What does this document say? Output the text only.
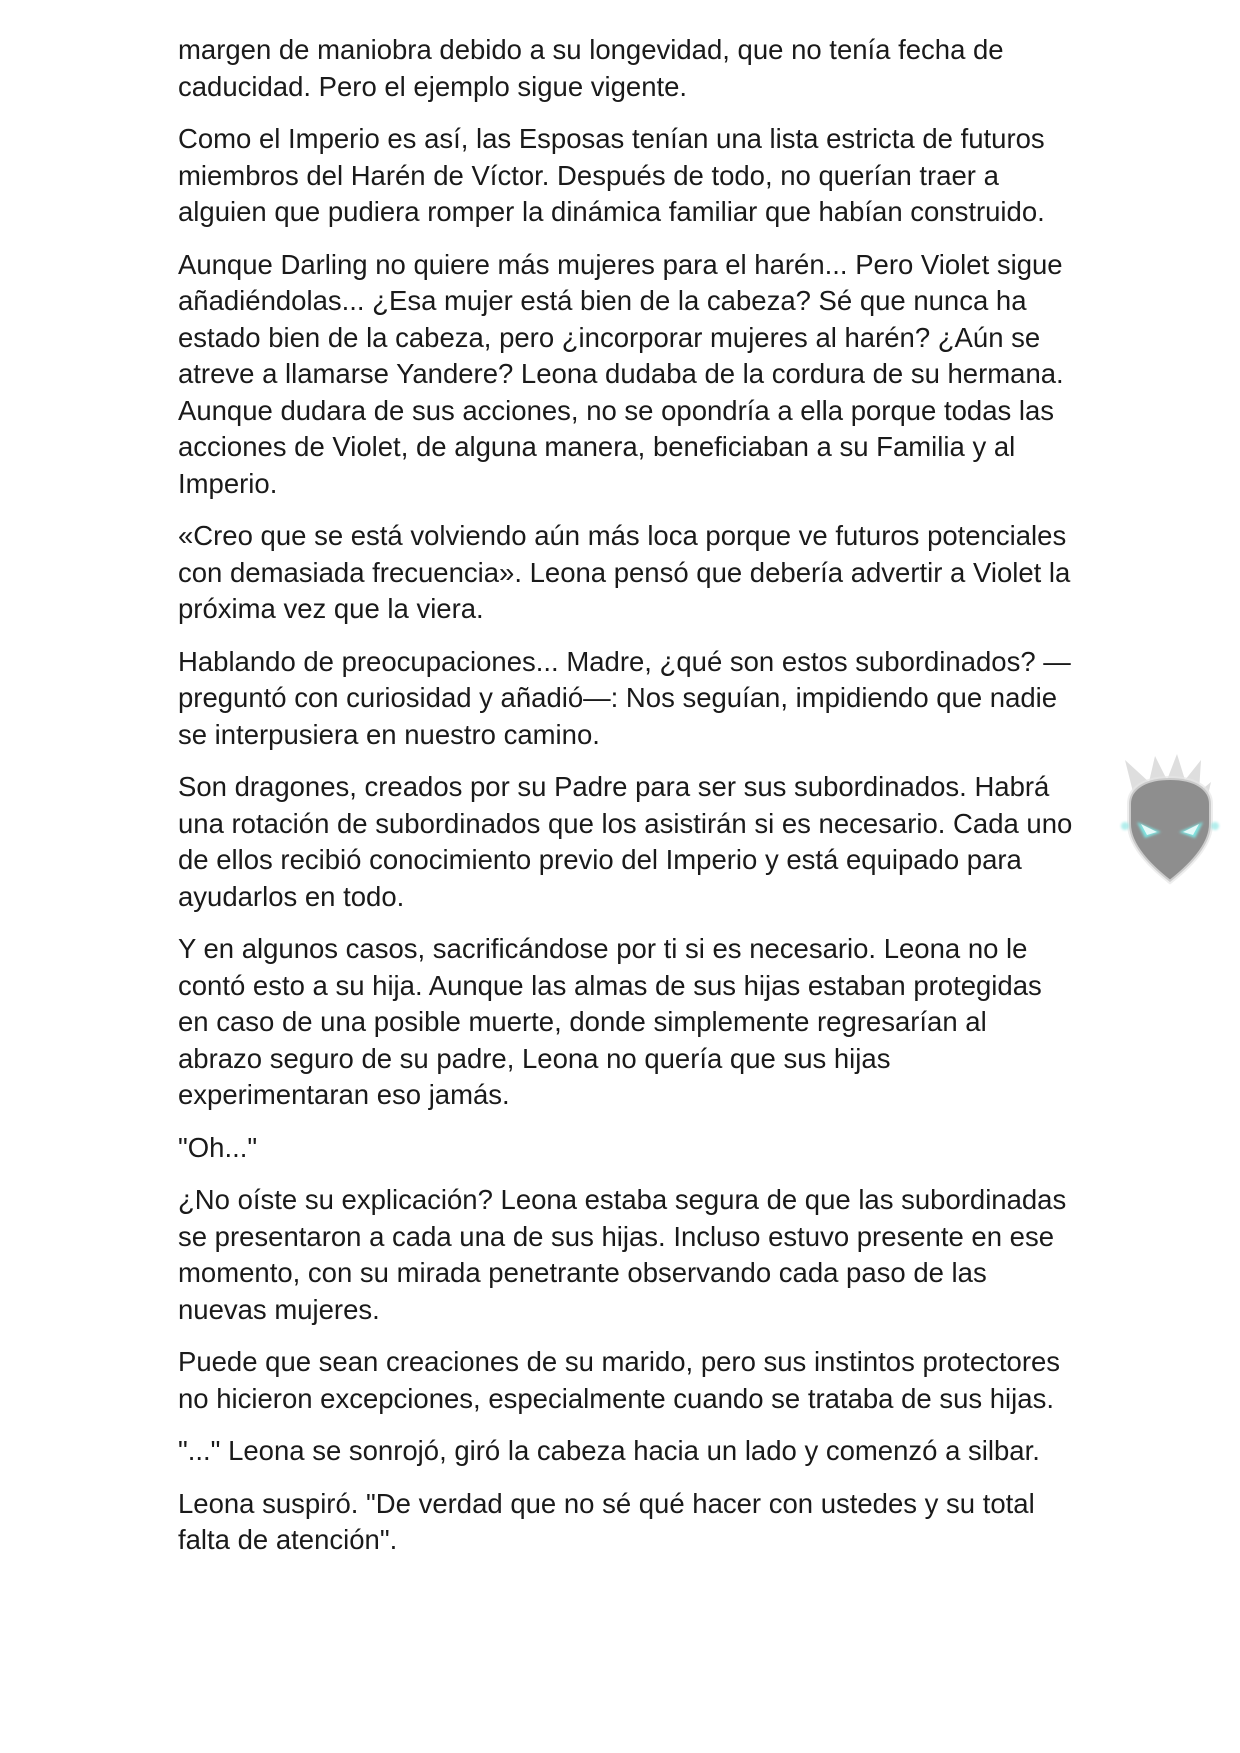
margen de maniobra debido a su longevidad, que no tenía fecha de caducidad. Pero el ejemplo sigue vigente.

Como el Imperio es así, las Esposas tenían una lista estricta de futuros miembros del Harén de Víctor. Después de todo, no querían traer a alguien que pudiera romper la dinámica familiar que habían construido.

Aunque Darling no quiere más mujeres para el harén... Pero Violet sigue añadiéndolas... ¿Esa mujer está bien de la cabeza? Sé que nunca ha estado bien de la cabeza, pero ¿incorporar mujeres al harén? ¿Aún se atreve a llamarse Yandere? Leona dudaba de la cordura de su hermana. Aunque dudara de sus acciones, no se opondría a ella porque todas las acciones de Violet, de alguna manera, beneficiaban a su Familia y al Imperio.

«Creo que se está volviendo aún más loca porque ve futuros potenciales con demasiada frecuencia». Leona pensó que debería advertir a Violet la próxima vez que la viera.

Hablando de preocupaciones... Madre, ¿qué son estos subordinados? —preguntó con curiosidad y añadió—: Nos seguían, impidiendo que nadie se interpusiera en nuestro camino.

Son dragones, creados por su Padre para ser sus subordinados. Habrá una rotación de subordinados que los asistirán si es necesario. Cada uno de ellos recibió conocimiento previo del Imperio y está equipado para ayudarlos en todo.

Y en algunos casos, sacrificándose por ti si es necesario. Leona no le contó esto a su hija. Aunque las almas de sus hijas estaban protegidas en caso de una posible muerte, donde simplemente regresarían al abrazo seguro de su padre, Leona no quería que sus hijas experimentaran eso jamás.

"Oh..."

¿No oíste su explicación? Leona estaba segura de que las subordinadas se presentaron a cada una de sus hijas. Incluso estuvo presente en ese momento, con su mirada penetrante observando cada paso de las nuevas mujeres.

Puede que sean creaciones de su marido, pero sus instintos protectores no hicieron excepciones, especialmente cuando se trataba de sus hijas.

"..." Leona se sonrojó, giró la cabeza hacia un lado y comenzó a silbar.

Leona suspiró. "De verdad que no sé qué hacer con ustedes y su total falta de atención".
